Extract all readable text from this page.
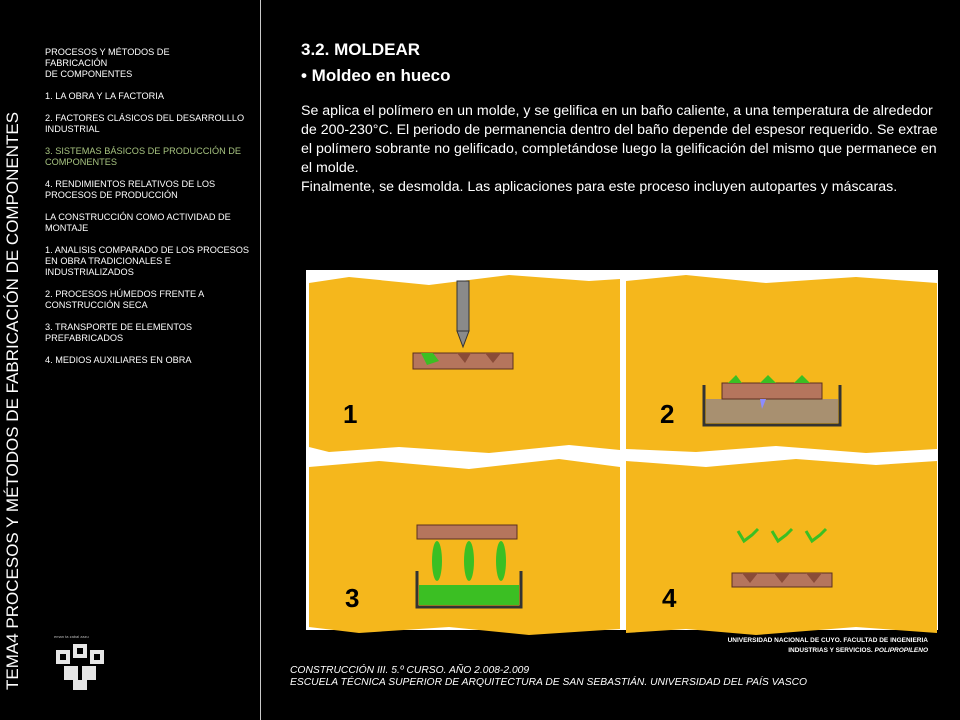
TEMA4 PROCESOS Y MÉTODOS DE FABRICACIÓN DE COMPONENTES
PROCESOS Y MÉTODOS DE
FABRICACIÓN
DE COMPONENTES
1. LA OBRA Y LA FACTORIA
2. FACTORES CLÁSICOS DEL DESARROLLLO INDUSTRIAL
3. SISTEMAS BÁSICOS DE PRODUCCIÓN DE COMPONENTES
4. RENDIMIENTOS RELATIVOS DE LOS PROCESOS DE PRODUCCIÓN
LA CONSTRUCCIÓN COMO ACTIVIDAD DE MONTAJE
1. ANALISIS COMPARADO DE LOS PROCESOS EN OBRA TRADICIONALES E INDUSTRIALIZADOS
2. PROCESOS HÚMEDOS FRENTE A CONSTRUCCIÓN SECA
3. TRANSPORTE DE ELEMENTOS PREFABRICADOS
4. MEDIOS AUXILIARES EN OBRA
eman ta zabal zazu
3.2. MOLDEAR
• Moldeo en hueco

Se aplica el polímero en un molde, y se gelifica en un baño caliente, a una temperatura de alrededor de 200-230°C. El periodo de permanencia dentro del baño depende del espesor requerido. Se extrae el polímero sobrante no gelificado, completándose luego la gelificación del mismo que permanece en el molde.

Finalmente, se desmolda. Las aplicaciones para este proceso incluyen autopartes y máscaras.

1	2
3	4
UNIVERSIDAD NACIONAL DE CUYO. FACULTAD DE INGENIERIA
INDUSTRIAS Y SERVICIOS. POLIPROPILENO
CONSTRUCCIÓN III. 5.º CURSO. AÑO 2.008-2.009
ESCUELA TÉCNICA SUPERIOR DE ARQUITECTURA DE SAN SEBASTIÁN. UNIVERSIDAD DEL PAÍS VASCO
